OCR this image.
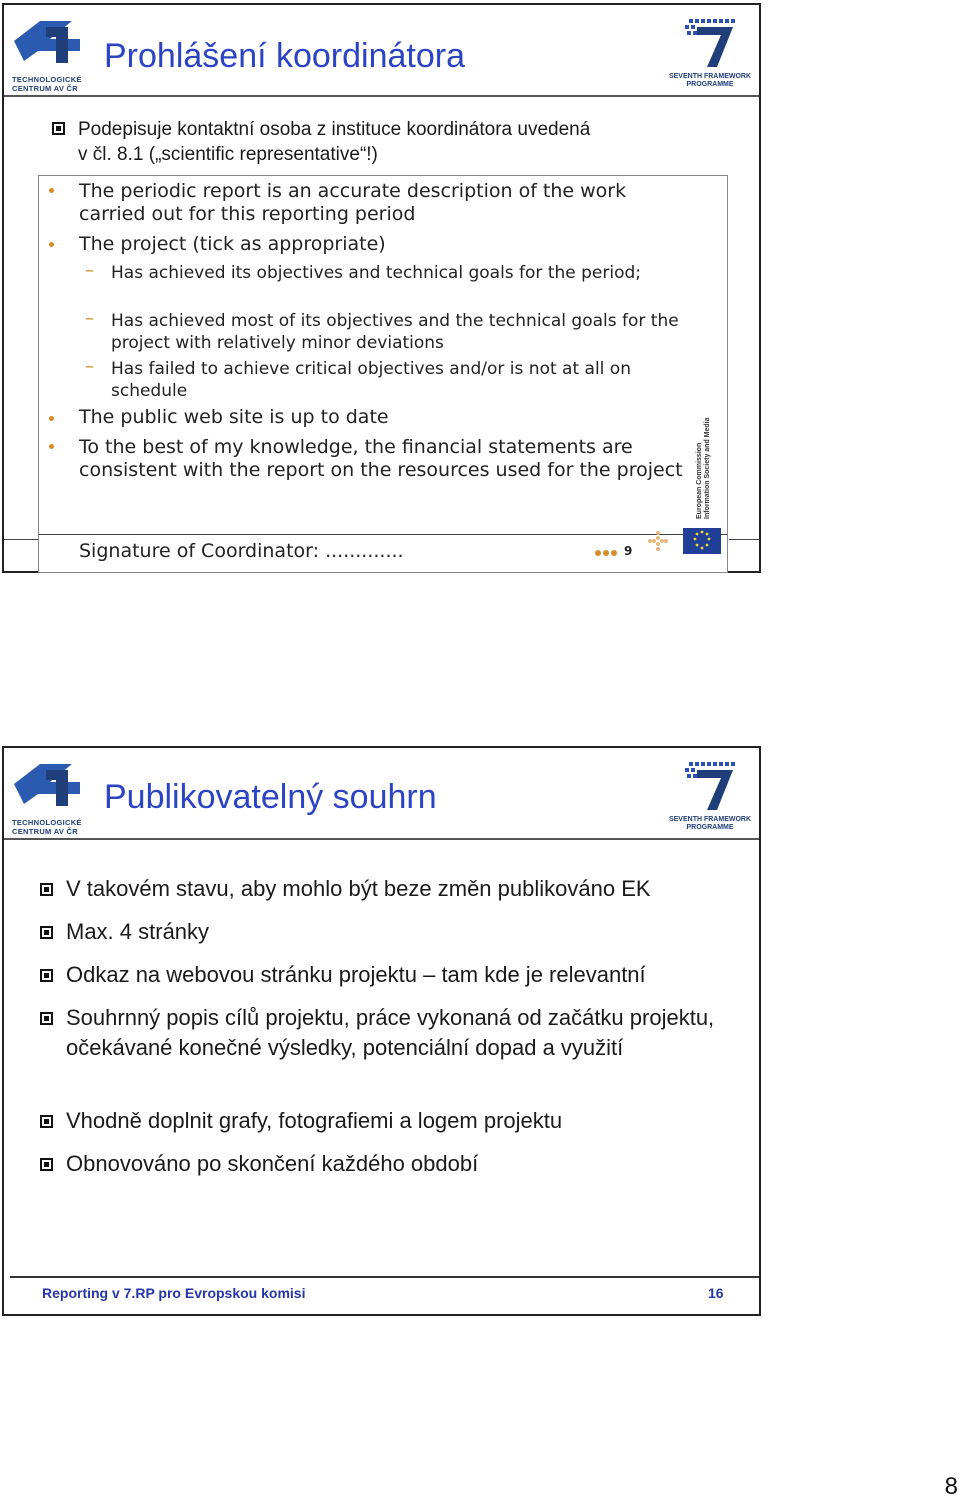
TECHNOLOGICKÉ
CENTRUM AV ČR
Prohlášení koordinátora
SEVENTH FRAMEWORK
PROGRAMME
Podepisuje kontaktní osoba z instituce koordinátora uvedená
v čl. 8.1 („scientific representative“!)
The periodic report is an accurate description of the work carried out for this reporting period
The project (tick as appropriate)
– Has achieved its objectives and technical goals for the period;
– Has achieved most of its objectives and the technical goals for the project with relatively minor deviations
– Has failed to achieve critical objectives and/or is not at all on schedule
The public web site is up to date
To the best of my knowledge, the financial statements are consistent with the report on the resources used for the project	European Commission Information Society and Media
Signature of Coordinator: .............	9
TECHNOLOGICKÉ
CENTRUM AV ČR
Publikovatelný souhrn
SEVENTH FRAMEWORK
PROGRAMME
V takovém stavu, aby mohlo být beze změn publikováno EK
Max. 4 stránky
Odkaz na webovou stránku projektu – tam kde je relevantní
Souhrnný popis cílů projektu, práce vykonaná od začátku projektu, očekávané konečné výsledky, potenciální dopad a využití
Vhodně doplnit grafy, fotografiemi a logem projektu
Obnovováno po skončení každého období
Reporting v 7.RP pro Evropskou komisi	16
8
